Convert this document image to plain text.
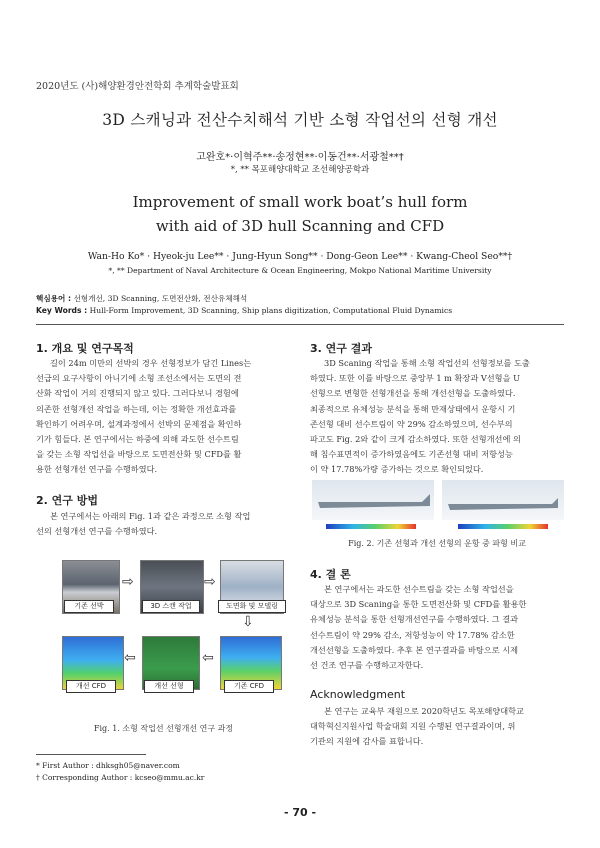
2020년도 (사)해양환경안전학회 추계학술발표회
3D 스캐닝과 전산수치해석 기반 소형 작업선의 선형 개선
고완호*·이혁주**·송정현**·이동건**·서광철**†
*, ** 목포해양대학교 조선해양공학과
Improvement of small work boat’s hull form
with aid of 3D hull Scanning and CFD
Wan-Ho Ko* · Hyeok-ju Lee** · Jung-Hyun Song** · Dong-Geon Lee** · Kwang-Cheol Seo**†
*, ** Department of Naval Architecture & Ocean Engineering, Mokpo National Maritime University
핵심용어 : 선형개선, 3D Scanning, 도면전산화, 전산유체해석
Key Words : Hull-Form Improvement, 3D Scanning, Ship plans digitization, Computational Fluid Dynamics
1. 개요 및 연구목적
길이 24m 미만의 선박의 경우 선형정보가 담긴 Lines는
선급의 요구사항이 아니기에 소형 조선소에서는 도면의 전
산화 작업이 거의 진행되지 않고 있다. 그러다보니 경험에
의존한 선형개선 작업을 하는데, 이는 정확한 개선효과를
확인하기 어려우며, 설계과정에서 선박의 문제점을 확인하
기가 힘들다. 본 연구에서는 하중에 의해 과도한 선수트림
을 갖는 소형 작업선을 바탕으로 도면전산화 및 CFD를 활
용한 선형개선 연구를 수행하였다.
2. 연구 방법
본 연구에서는 아래의 Fig. 1과 같은 과정으로 소형 작업
선의 선형개선 연구를 수행하였다.
기존 선박	3D 스캔 작업	도면화 및 모델링
⇨	⇨
⇩
개선 CFD	개선 선형	기존 CFD
⇦	⇦
Fig. 1. 소형 작업선 선형개선 연구 과정
* First Author : dhksgh05@naver.com
† Corresponding Author : kcseo@mmu.ac.kr
3. 연구 결과
3D Scaning 작업을 통해 소형 작업선의 선형정보를 도출
하였다. 또한 이를 바탕으로 중앙부 1 m 확장과 V선형을 U
선형으로 변형한 선형개선을 통해 개선선형을 도출하였다.
최종적으로 유체성능 분석을 통해 만재상태에서 운항시 기
존선형 대비 선수트림이 약 29% 감소하였으며, 선수부의
파고도 Fig. 2와 같이 크게 감소하였다. 또한 선형개선에 의
해 침수표면적이 증가하였음에도 기존선형 대비 저항성능
이 약 17.78%가량 증가하는 것으로 확인되었다.
Fig. 2. 기존 선형과 개선 선형의 운항 중 파형 비교
4. 결 론
본 연구에서는 과도한 선수트림을 갖는 소형 작업선을
대상으로 3D Scaning을 통한 도면전산화 및 CFD를 활용한
유체성능 분석을 통한 선형개선연구를 수행하였다. 그 결과
선수트림이 약 29% 감소, 저항성능이 약 17.78% 감소한
개선선형을 도출하였다. 추후 본 연구결과를 바탕으로 시제
선 건조 연구를 수행하고자한다.
Acknowledgment
본 연구는 교육부 재원으로 2020학년도 목포해양대학교
대학혁신지원사업 학술대회 지원 수행된 연구결과이며, 위
기관의 지원에 감사를 표합니다.
- 70 -
